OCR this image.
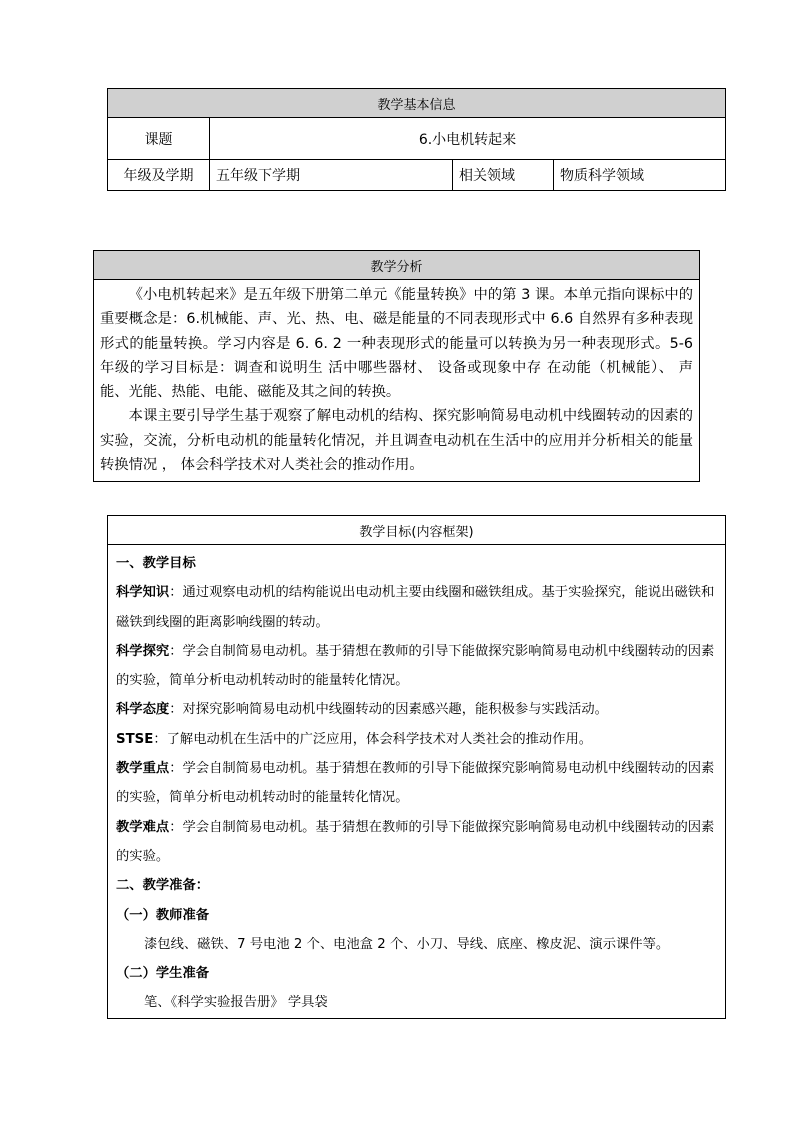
教学基本信息			
课题	6.小电机转起来		
年级及学期	五年级下学期	相关领域	物质科学领域
教学分析

《小电机转起来》是五年级下册第二单元《能量转换》中的第 3 课。本单元指向课标中的重要概念是：6.机械能、声、光、热、电、磁是能量的不同表现形式中 6.6 自然界有多种表现形式的能量转换。学习内容是 6. 6. 2 一种表现形式的能量可以转换为另一种表现形式。5-6 年级的学习目标是：调查和说明生 活中哪些器材、 设备或现象中存 在动能（机械能）、 声能、光能、热能、电能、磁能及其之间的转换。

本课主要引导学生基于观察了解电动机的结构、探究影响简易电动机中线圈转动的因素的实验，交流，分析电动机的能量转化情况，并且调查电动机在生活中的应用并分析相关的能量转换情况 ， 体会科学技术对人类社会的推动作用。

教学目标(内容框架)

一、教学目标

科学知识：通过观察电动机的结构能说出电动机主要由线圈和磁铁组成。基于实验探究，能说出磁铁和磁铁到线圈的距离影响线圈的转动。

科学探究：学会自制简易电动机。基于猜想在教师的引导下能做探究影响简易电动机中线圈转动的因素的实验，简单分析电动机转动时的能量转化情况。

科学态度：对探究影响简易电动机中线圈转动的因素感兴趣，能积极参与实践活动。

STSE：了解电动机在生活中的广泛应用，体会科学技术对人类社会的推动作用。

教学重点：学会自制简易电动机。基于猜想在教师的引导下能做探究影响简易电动机中线圈转动的因素的实验，简单分析电动机转动时的能量转化情况。

教学难点：学会自制简易电动机。基于猜想在教师的引导下能做探究影响简易电动机中线圈转动的因素的实验。

二、教学准备：

（一）教师准备

漆包线、磁铁、7 号电池 2 个、电池盒 2 个、小刀、导线、底座、橡皮泥、演示课件等。

（二）学生准备

笔、《科学实验报告册》 学具袋
